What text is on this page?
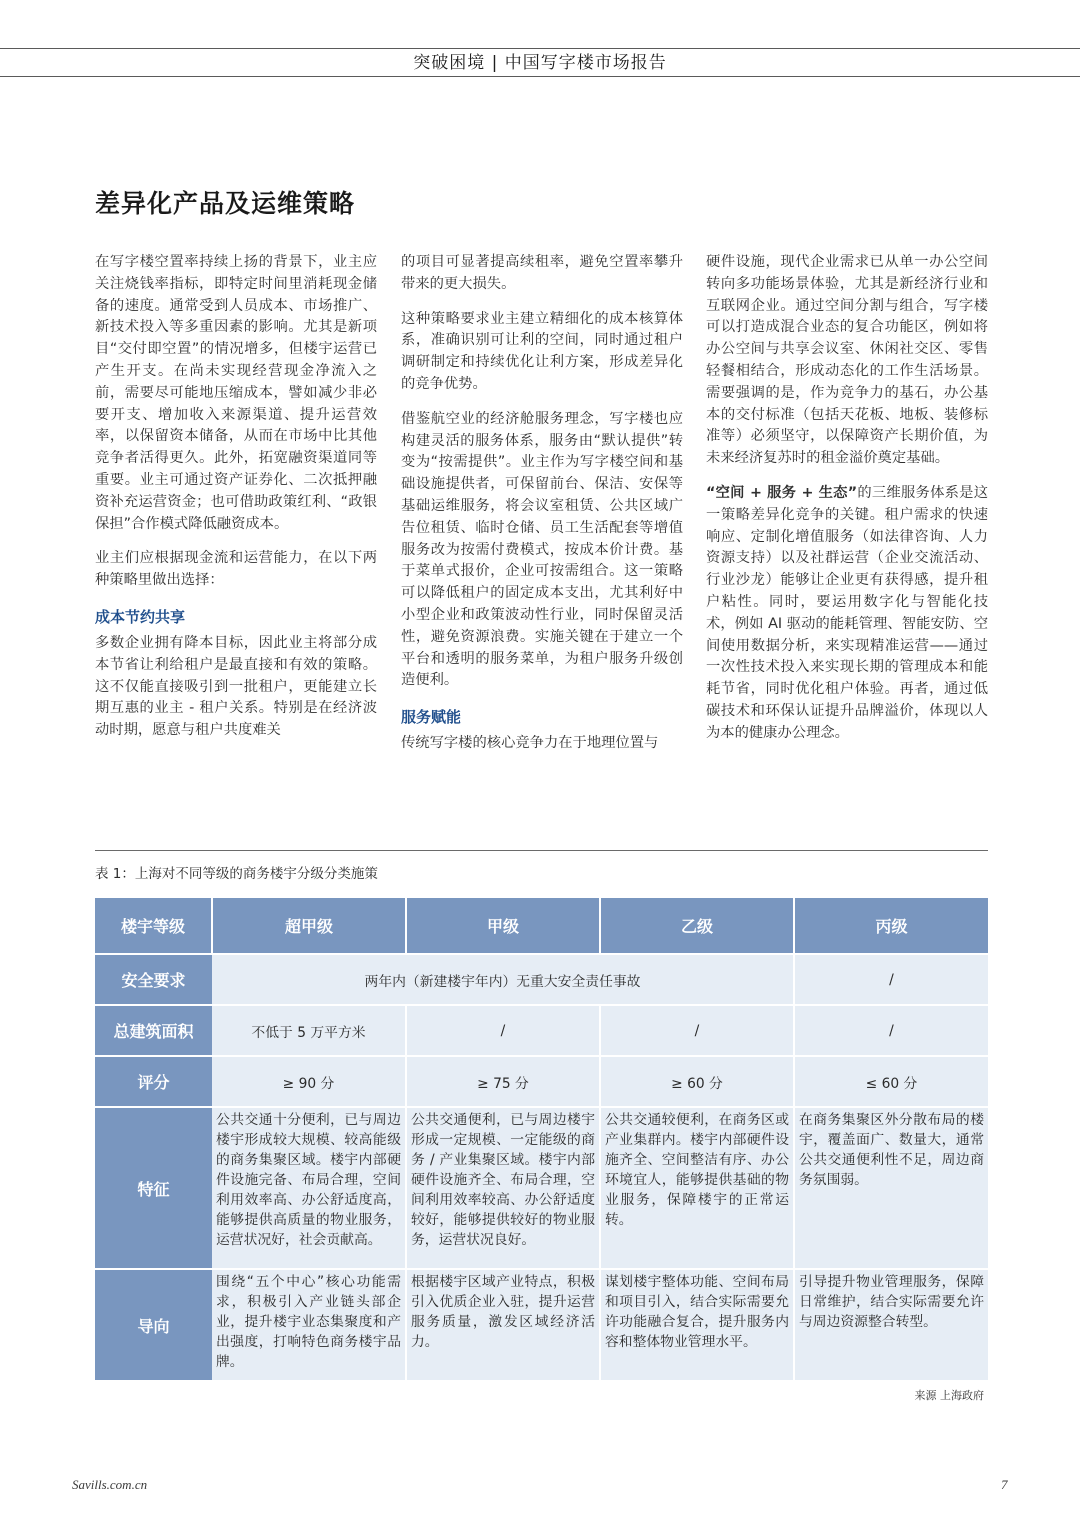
突破困境 | 中国写字楼市场报告
差异化产品及运维策略

在写字楼空置率持续上扬的背景下，业主应关注烧钱率指标，即特定时间里消耗现金储备的速度。通常受到人员成本、市场推广、新技术投入等多重因素的影响。尤其是新项目“交付即空置”的情况增多，但楼宇运营已产生开支。在尚未实现经营现金净流入之前，需要尽可能地压缩成本，譬如减少非必要开支、增加收入来源渠道、提升运营效率，以保留资本储备，从而在市场中比其他竞争者活得更久。此外，拓宽融资渠道同等重要。业主可通过资产证券化、二次抵押融资补充运营资金；也可借助政策红利、“政银保担”合作模式降低融资成本。

业主们应根据现金流和运营能力，在以下两种策略里做出选择：

成本节约共享

多数企业拥有降本目标，因此业主将部分成本节省让利给租户是最直接和有效的策略。这不仅能直接吸引到一批租户，更能建立长期互惠的业主 - 租户关系。特别是在经济波动时期，愿意与租户共度难关

的项目可显著提高续租率，避免空置率攀升带来的更大损失。

这种策略要求业主建立精细化的成本核算体系，准确识别可让利的空间，同时通过租户调研制定和持续优化让利方案，形成差异化的竞争优势。

借鉴航空业的经济舱服务理念，写字楼也应构建灵活的服务体系，服务由“默认提供”转变为“按需提供”。业主作为写字楼空间和基础设施提供者，可保留前台、保洁、安保等基础运维服务，将会议室租赁、公共区域广告位租赁、临时仓储、员工生活配套等增值服务改为按需付费模式，按成本价计费。基于菜单式报价，企业可按需组合。这一策略可以降低租户的固定成本支出，尤其利好中小型企业和政策波动性行业，同时保留灵活性，避免资源浪费。实施关键在于建立一个平台和透明的服务菜单，为租户服务升级创造便利。

服务赋能

传统写字楼的核心竞争力在于地理位置与

硬件设施，现代企业需求已从单一办公空间转向多功能场景体验，尤其是新经济行业和互联网企业。通过空间分割与组合，写字楼可以打造成混合业态的复合功能区，例如将办公空间与共享会议室、休闲社交区、零售轻餐相结合，形成动态化的工作生活场景。需要强调的是，作为竞争力的基石，办公基本的交付标准（包括天花板、地板、装修标准等）必须坚守，以保障资产长期价值，为未来经济复苏时的租金溢价奠定基础。

“空间 + 服务 + 生态”的三维服务体系是这一策略差异化竞争的关键。租户需求的快速响应、定制化增值服务（如法律咨询、人力资源支持）以及社群运营（企业交流活动、行业沙龙）能够让企业更有获得感，提升租户粘性。同时，要运用数字化与智能化技术，例如 AI 驱动的能耗管理、智能安防、空间使用数据分析，来实现精准运营——通过一次性技术投入来实现长期的管理成本和能耗节省，同时优化租户体验。再者，通过低碳技术和环保认证提升品牌溢价，体现以人为本的健康办公理念。

表 1：上海对不同等级的商务楼宇分级分类施策
楼宇等级	超甲级	甲级	乙级	丙级
安全要求	两年内（新建楼宇年内）无重大安全责任事故			/
总建筑面积	不低于 5 万平方米	/	/	/
评分	≥ 90 分	≥ 75 分	≥ 60 分	≤ 60 分
特征	公共交通十分便利，已与周边楼宇形成较大规模、较高能级的商务集聚区域。楼宇内部硬件设施完备、布局合理，空间利用效率高、办公舒适度高，能够提供高质量的物业服务，运营状况好，社会贡献高。	公共交通便利，已与周边楼宇形成一定规模、一定能级的商务 / 产业集聚区域。楼宇内部硬件设施齐全、布局合理，空间利用效率较高、办公舒适度较好，能够提供较好的物业服务，运营状况良好。	公共交通较便利，在商务区或产业集群内。楼宇内部硬件设施齐全、空间整洁有序、办公环境宜人，能够提供基础的物业服务，保障楼宇的正常运转。	在商务集聚区外分散布局的楼宇，覆盖面广、数量大，通常公共交通便利性不足，周边商务氛围弱。
导向	围绕“五个中心”核心功能需求，积极引入产业链头部企业，提升楼宇业态集聚度和产出强度，打响特色商务楼宇品牌。	根据楼宇区域产业特点，积极引入优质企业入驻，提升运营服务质量，激发区域经济活力。	谋划楼宇整体功能、空间布局和项目引入，结合实际需要允许功能融合复合，提升服务内容和整体物业管理水平。	引导提升物业管理服务，保障日常维护，结合实际需要允许与周边资源整合转型。
来源 上海政府
Savills.com.cn	7
